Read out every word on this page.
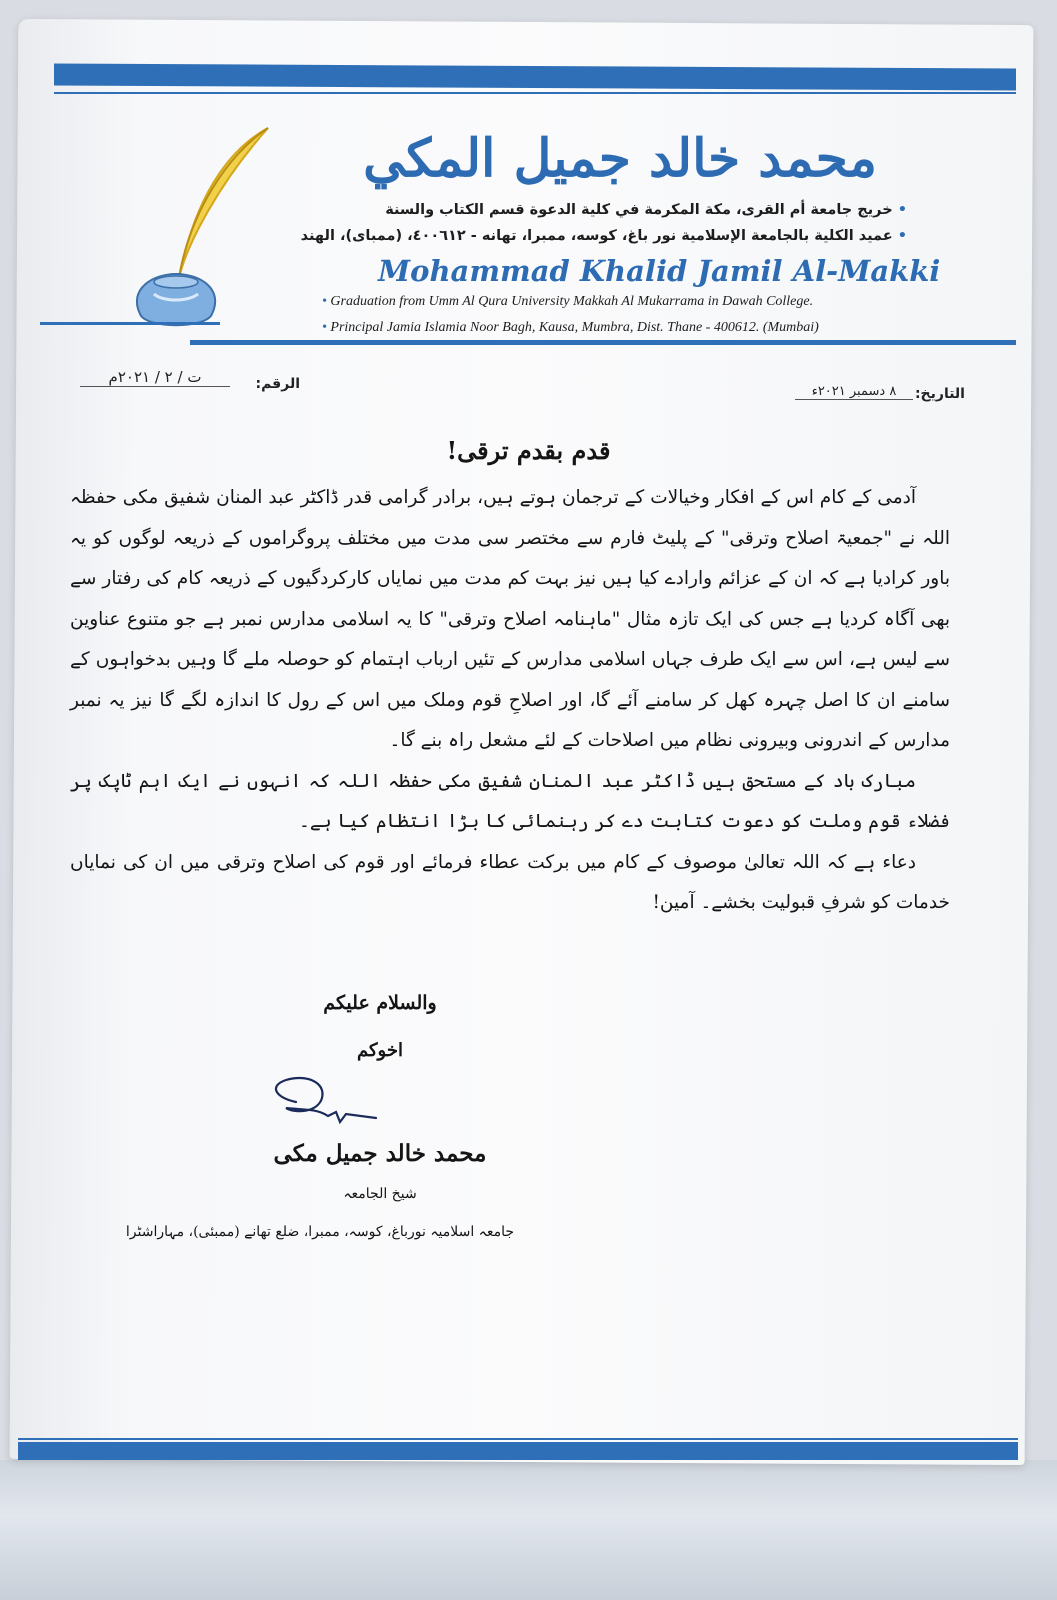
محمد خالد جميل المكي
• خريج جامعة أم القرى، مكة المكرمة في كلية الدعوة قسم الكتاب والسنة
• عميد الكلية بالجامعة الإسلامية نور باغ، كوسه، ممبرا، تهانه - ٤٠٠٦١٢، (ممباى)، الهند
Mohammad Khalid Jamil Al-Makki
• Graduation from Umm Al Qura University Makkah Al Mukarrama in Dawah College.
• Principal Jamia Islamia Noor Bagh, Kausa, Mumbra, Dist. Thane - 400612. (Mumbai)
الرقم:
ت / ٢ / ٢٠٢١م
التاريخ:
٨ دسمبر ٢٠٢١ء
قدم بقدم ترقی!

آدمی کے کام اس کے افکار وخیالات کے ترجمان ہوتے ہیں، برادر گرامی قدر ڈاکٹر عبد المنان شفیق مکی حفظہ اللہ نے "جمعیۃ اصلاح وترقی" کے پلیٹ فارم سے مختصر سی مدت میں مختلف پروگراموں کے ذریعہ لوگوں کو یہ باور کرادیا ہے کہ ان کے عزائم وارادے کیا ہیں نیز بہت کم مدت میں نمایاں کارکردگیوں کے ذریعہ کام کی رفتار سے بھی آگاہ کردیا ہے جس کی ایک تازہ مثال "ماہنامہ اصلاح وترقی" کا یہ اسلامی مدارس نمبر ہے جو متنوع عناوین سے لیس ہے، اس سے ایک طرف جہاں اسلامی مدارس کے تئیں ارباب اہتمام کو حوصلہ ملے گا وہیں بدخواہوں کے سامنے ان کا اصل چہرہ کھل کر سامنے آئے گا، اور اصلاحِ قوم وملک میں اس کے رول کا اندازہ لگے گا نیز یہ نمبر مدارس کے اندرونی وبیرونی نظام میں اصلاحات کے لئے مشعل راہ بنے گا۔

مبارک باد کے مستحق ہیں ڈاکٹر عبد المنان شفیق مکی حفظہ اللہ کہ انہوں نے ایک اہم ٹاپک پر فضلاء قوم وملت کو دعوت کتابت دے کر رہنمائی کا بڑا انتظام کیا ہے۔

دعاء ہے کہ اللہ تعالیٰ موصوف کے کام میں برکت عطاء فرمائے اور قوم کی اصلاح وترقی میں ان کی نمایاں خدمات کو شرفِ قبولیت بخشے۔ آمین!

والسلام علیکم
اخوکم
محمد خالد جمیل مکی
شیخ الجامعہ
جامعہ اسلامیہ نورباغ، کوسہ، ممبرا، ضلع تھانے (ممبئی)، مہاراشٹرا
